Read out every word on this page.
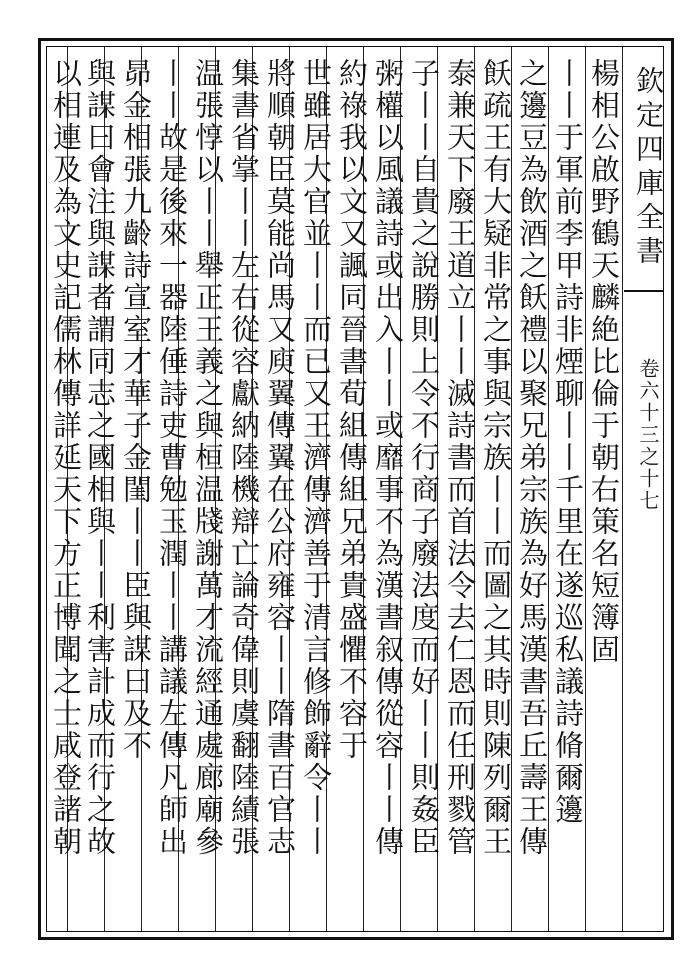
欽定四庫全書
卷六十三之十七
楊相公啟野鶴天麟絶比倫于朝右䇿名短簿固
丨丨于軍前李甲詩非煙聊丨丨千里在遂巡私議詩脩爾籩
之籩豆為飲酒之飫禮以聚兄弟宗族為好馬漢書吾丘壽王傳
飫疏王有大疑非常之事與宗族丨丨而圖之其時則陳列爾王
泰兼天下廢王道立丨丨滅詩書而首法令去仁恩而任刑戮管
子丨丨自貴之說勝則上令不行商子廢法度而好丨丨則姦臣
粥權以風議詩或出入丨丨或靡事不為漢書叙傳從容丨丨傳
約祿我以文又諷同晉書荀組傳組兄弟貴盛懼不容于
世雖居大官並丨丨而已又王濟傳濟善于清言修飾辭令丨丨
將順朝臣莫能尚馬又庾翼傳翼在公府雍容丨丨隋書百官志
集書省掌丨丨左右從容獻納陸機辯亡論奇偉則虞翻陸績張
温張惇以丨丨舉正王義之與桓温牋謝萬才流經通處廊廟參
丨丨故是後來一器陸倕詩吏曹勉玉潤丨丨講議左傳凡師出
昴金相張九齡詩宣室才華子金閨丨丨臣與謀曰及不
與謀曰會注與謀者謂同志之國相與丨丨利害計成而行之故
以相連及為文史記儒林傳詳延天下方正博聞之士咸登諸朝
